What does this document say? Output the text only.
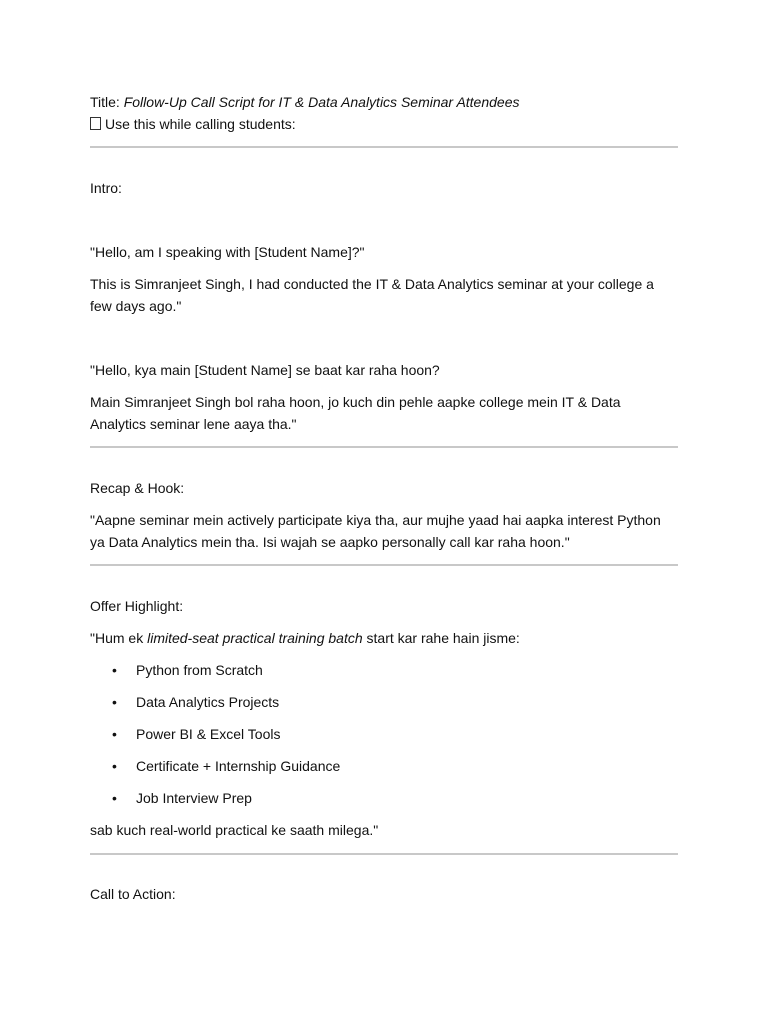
Title: Follow-Up Call Script for IT & Data Analytics Seminar Attendees
Use this while calling students:
Intro:
"Hello, am I speaking with [Student Name]?"
This is Simranjeet Singh, I had conducted the IT & Data Analytics seminar at your college a few days ago."
"Hello, kya main [Student Name] se baat kar raha hoon?
Main Simranjeet Singh bol raha hoon, jo kuch din pehle aapke college mein IT & Data Analytics seminar lene aaya tha."
Recap & Hook:
"Aapne seminar mein actively participate kiya tha, aur mujhe yaad hai aapka interest Python ya Data Analytics mein tha. Isi wajah se aapko personally call kar raha hoon."
Offer Highlight:
"Hum ek limited-seat practical training batch start kar rahe hain jisme:
• Python from Scratch
• Data Analytics Projects
• Power BI & Excel Tools
• Certificate + Internship Guidance
• Job Interview Prep
sab kuch real-world practical ke saath milega."
Call to Action:
